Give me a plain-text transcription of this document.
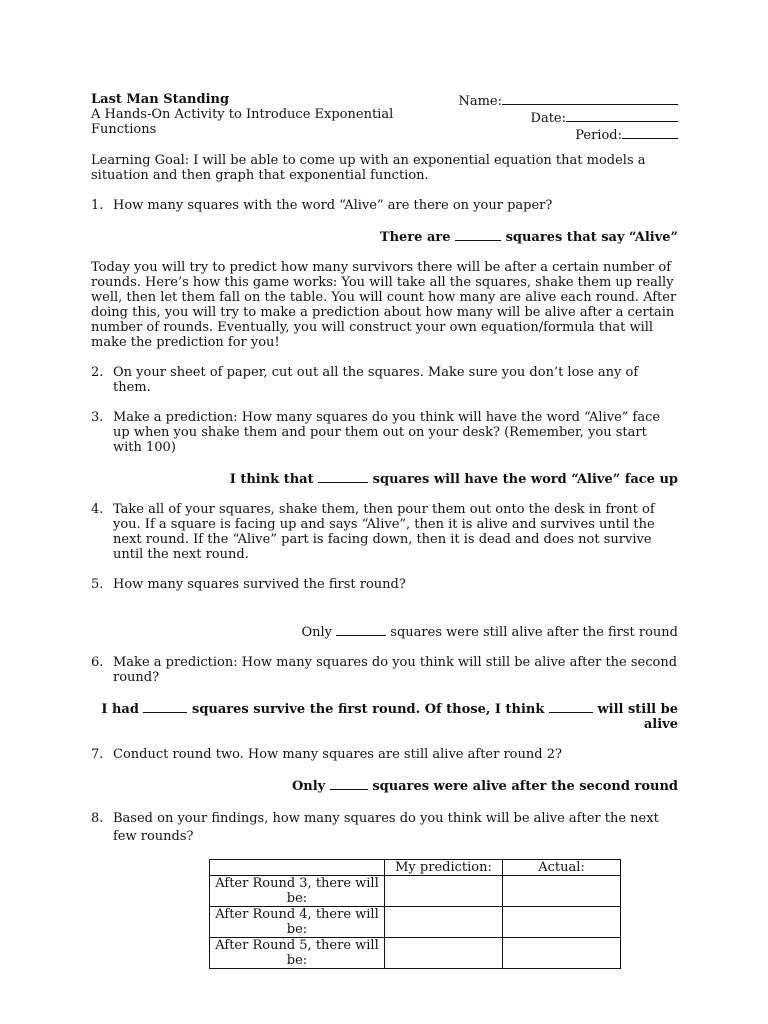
Last Man Standing
A Hands-On Activity to Introduce Exponential Functions
Name:
Date:
Period:
Learning Goal: I will be able to come up with an exponential equation that models a situation and then graph that exponential function.
1. How many squares with the word “Alive” are there on your paper?
There are	squares that say “Alive”
Today you will try to predict how many survivors there will be after a certain number of rounds. Here’s how this game works: You will take all the squares, shake them up really well, then let them fall on the table. You will count how many are alive each round. After doing this, you will try to make a prediction about how many will be alive after a certain number of rounds. Eventually, you will construct your own equation/formula that will make the prediction for you!
2. On your sheet of paper, cut out all the squares. Make sure you don’t lose any of them.
3. Make a prediction: How many squares do you think will have the word “Alive” face up when you shake them and pour them out on your desk? (Remember, you start with 100)
I think that	squares will have the word “Alive” face up
4. Take all of your squares, shake them, then pour them out onto the desk in front of you. If a square is facing up and says “Alive”, then it is alive and survives until the next round. If the “Alive” part is facing down, then it is dead and does not survive until the next round.
5. How many squares survived the first round?
Only	squares were still alive after the first round
6. Make a prediction: How many squares do you think will still be alive after the second round?
I had	squares survive the first round. Of those, I think	will still be alive
7. Conduct round two. How many squares are still alive after round 2?
Only	squares were alive after the second round
8. Based on your findings, how many squares do you think will be alive after the next few rounds?
	My prediction:	Actual:
After Round 3, there will be:		
After Round 4, there will be:		
After Round 5, there will be:		
